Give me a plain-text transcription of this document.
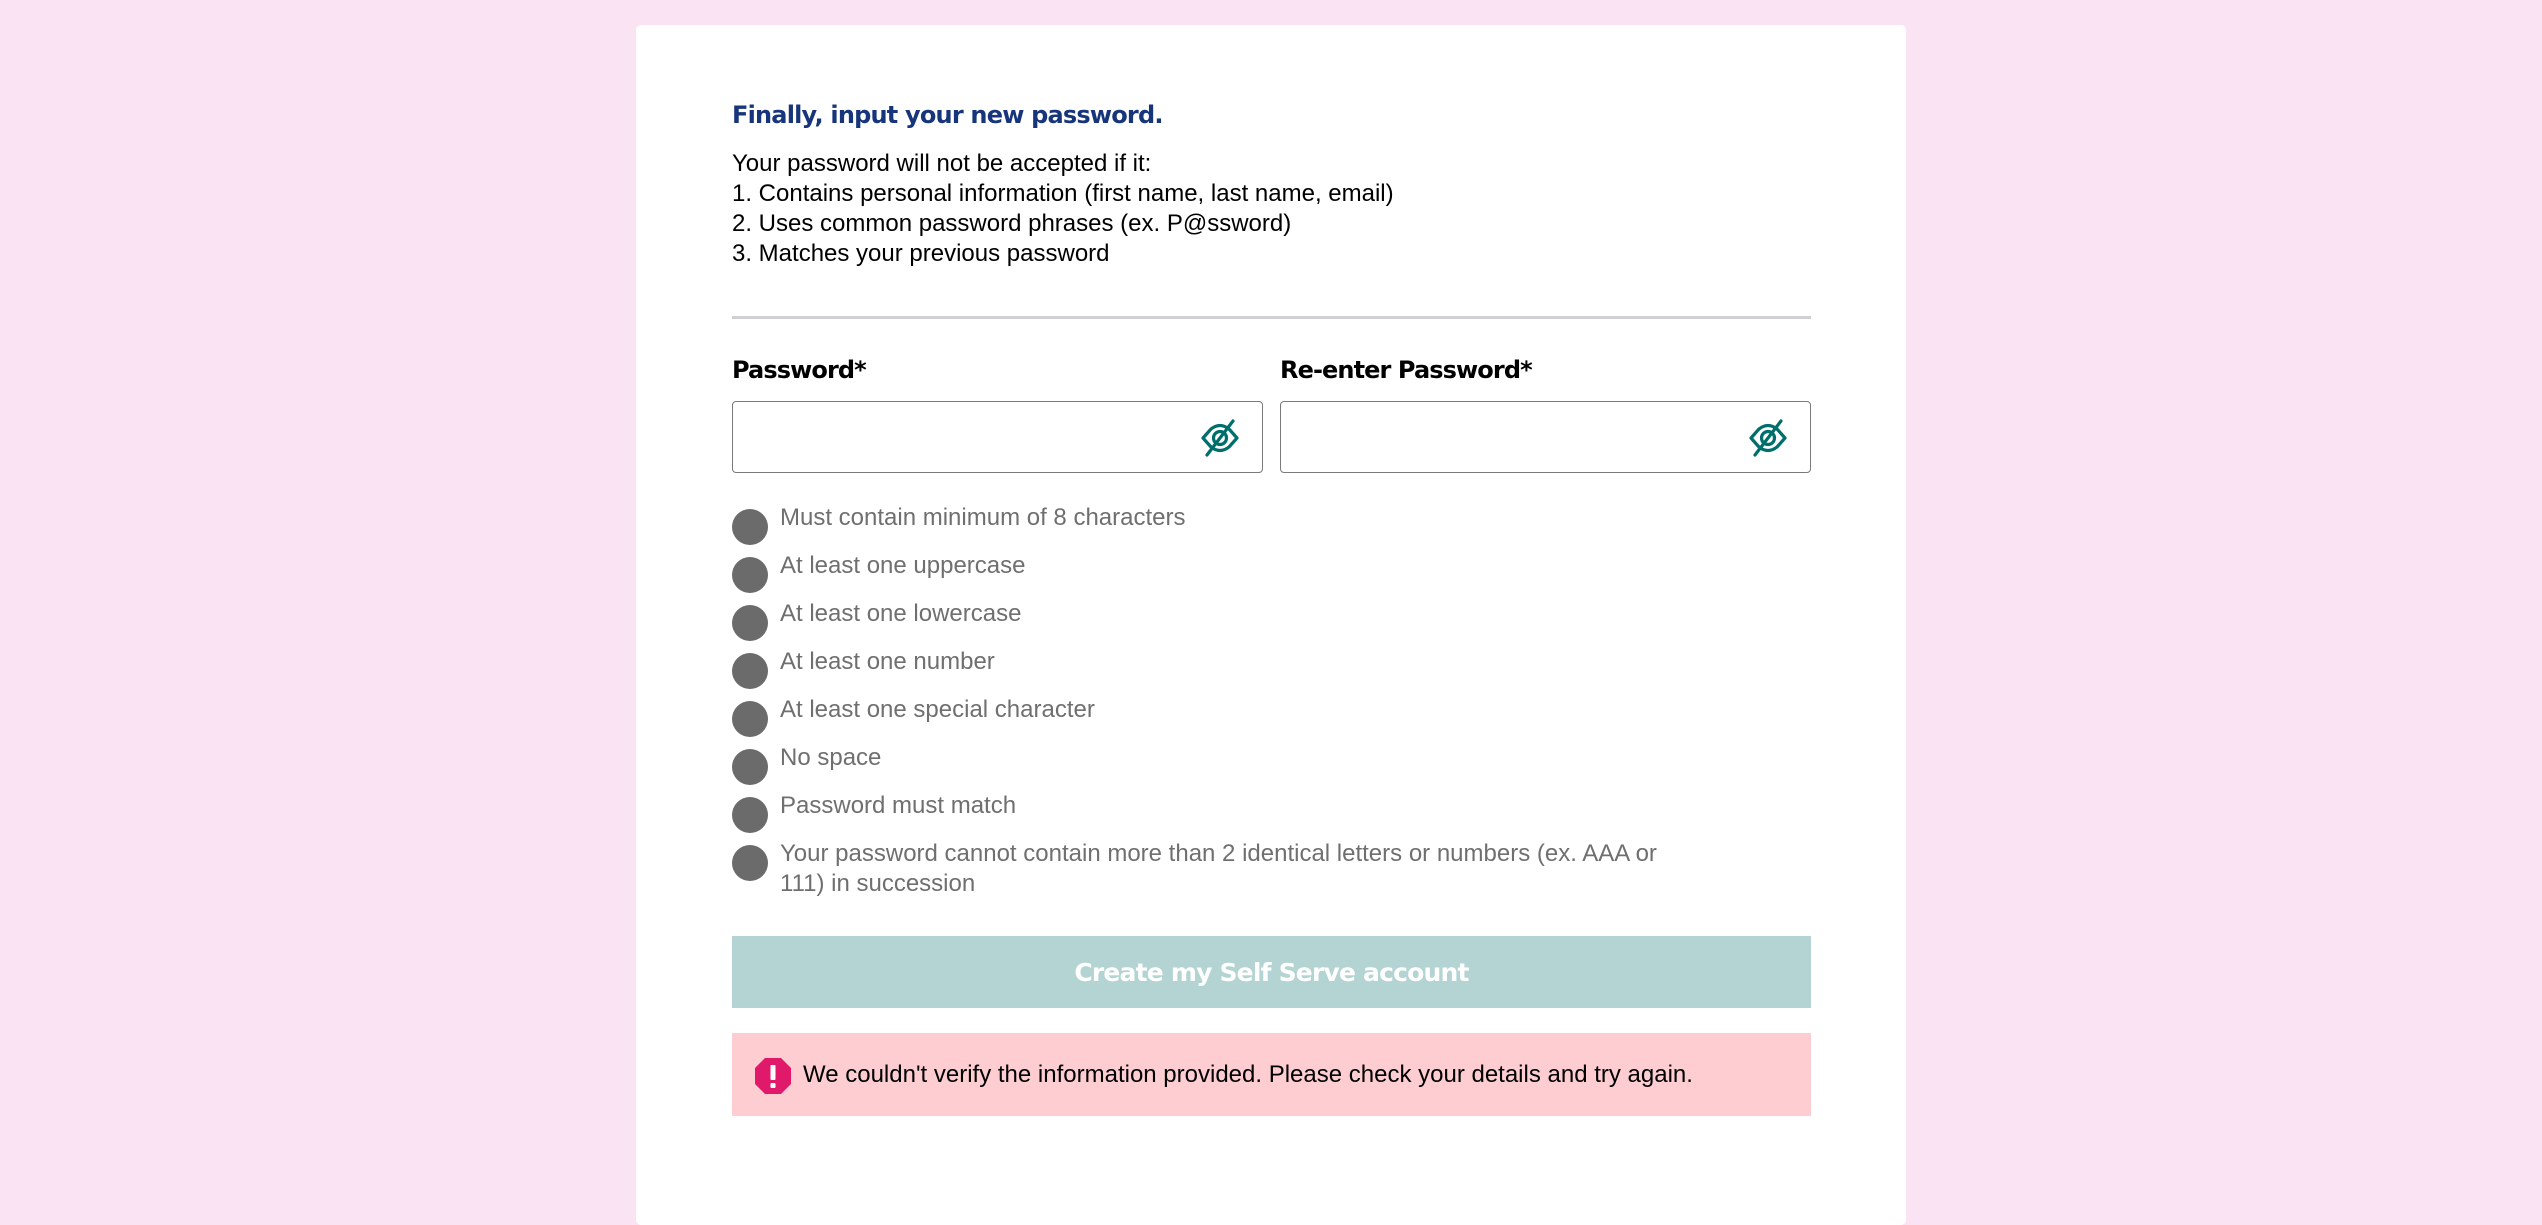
Finally, input your new password.
Your password will not be accepted if it:
1. Contains personal information (first name, last name, email)
2. Uses common password phrases (ex. P@ssword)
3. Matches your previous password
Password*	Re-enter Password*
Must contain minimum of 8 characters
At least one uppercase
At least one lowercase
At least one number
At least one special character
No space
Password must match
Your password cannot contain more than 2 identical letters or numbers (ex. AAA or 111) in succession
Create my Self Serve account
We couldn't verify the information provided. Please check your details and try again.
